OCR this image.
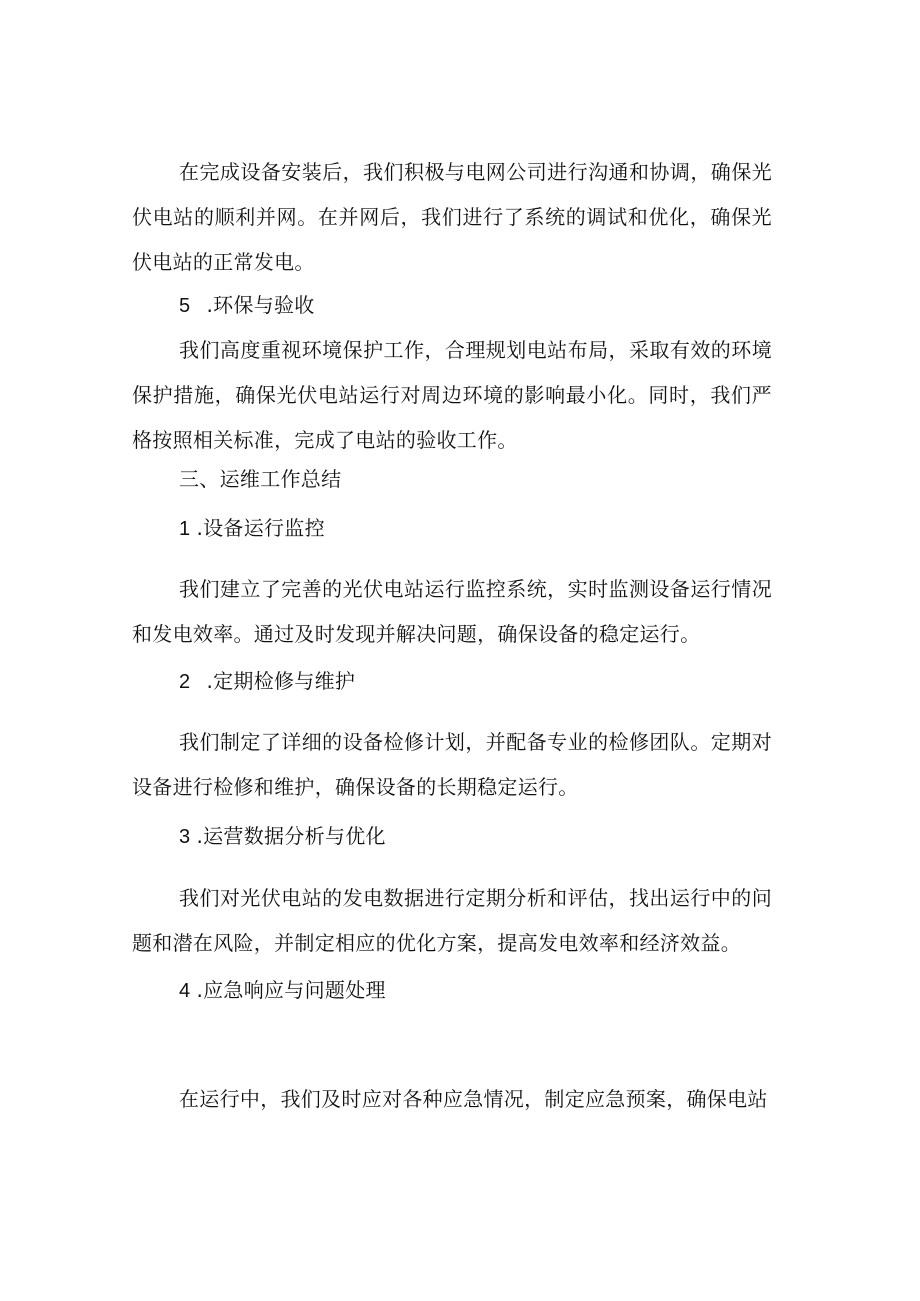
在完成设备安装后，我们积极与电网公司进行沟通和协调，确保光伏电站的顺利并网。在并网后，我们进行了系统的调试和优化，确保光伏电站的正常发电。

5 .环保与验收

我们高度重视环境保护工作，合理规划电站布局，采取有效的环境保护措施，确保光伏电站运行对周边环境的影响最小化。同时，我们严格按照相关标准，完成了电站的验收工作。

三、运维工作总结

1 .设备运行监控

我们建立了完善的光伏电站运行监控系统，实时监测设备运行情况和发电效率。通过及时发现并解决问题，确保设备的稳定运行。

2 .定期检修与维护

我们制定了详细的设备检修计划，并配备专业的检修团队。定期对设备进行检修和维护，确保设备的长期稳定运行。

3 .运营数据分析与优化

我们对光伏电站的发电数据进行定期分析和评估，找出运行中的问题和潜在风险，并制定相应的优化方案，提高发电效率和经济效益。

4 .应急响应与问题处理

在运行中，我们及时应对各种应急情况，制定应急预案，确保电站
